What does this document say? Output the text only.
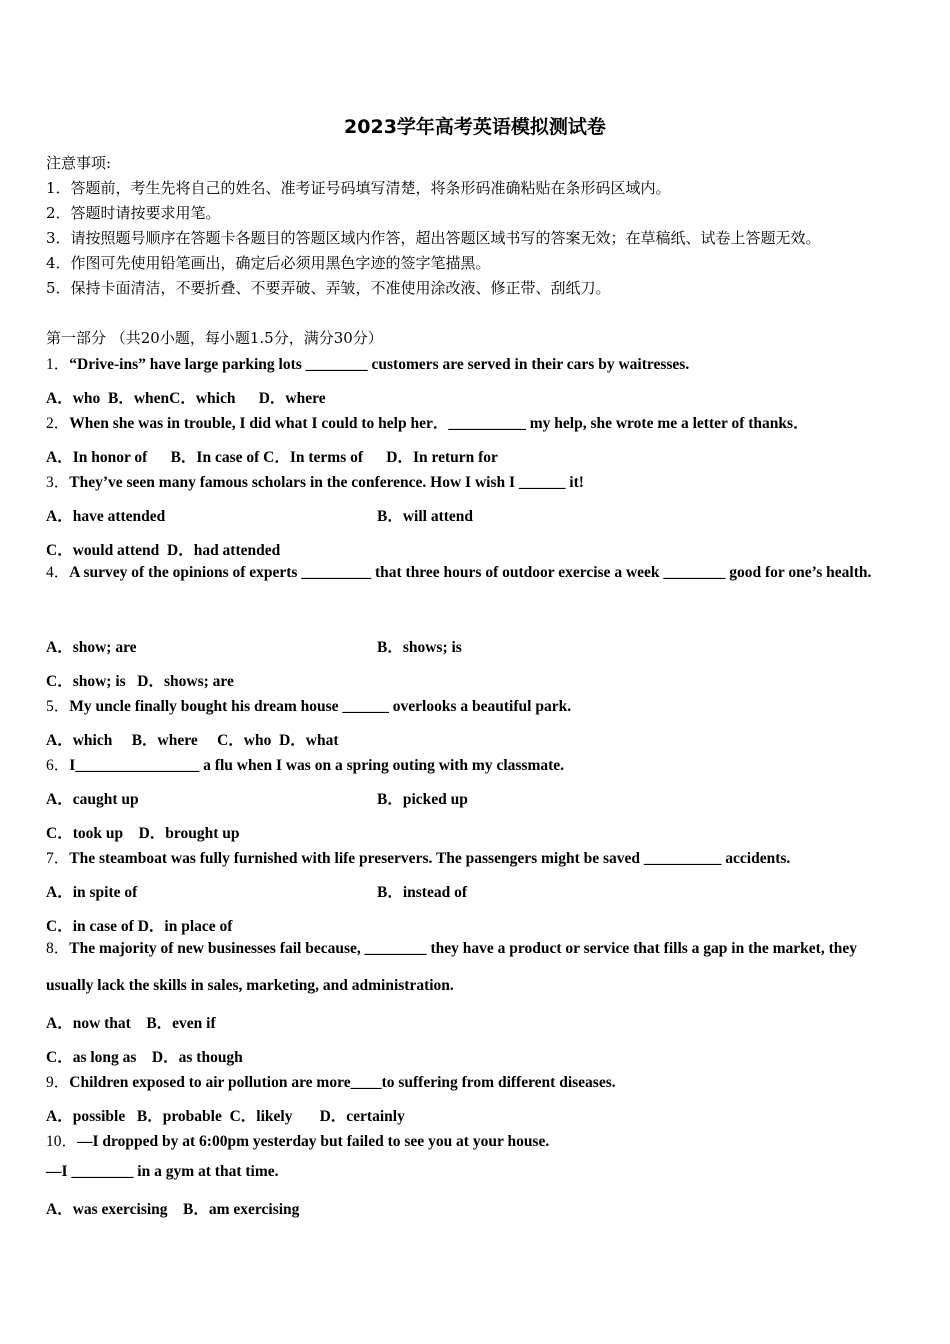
2023学年高考英语模拟测试卷
注意事项:
1．答题前，考生先将自己的姓名、准考证号码填写清楚，将条形码准确粘贴在条形码区域内。
2．答题时请按要求用笔。
3．请按照题号顺序在答题卡各题目的答题区域内作答，超出答题区域书写的答案无效；在草稿纸、试卷上答题无效。
4．作图可先使用铅笔画出，确定后必须用黑色字迹的签字笔描黑。
5．保持卡面清洁，不要折叠、不要弄破、弄皱，不准使用涂改液、修正带、刮纸刀。
第一部分 （共20小题，每小题1.5分，满分30分）
1．“Drive-ins” have large parking lots ________ customers are served in their cars by waitresses.
A．who  B．whenC．which      D．where
2．When she was in trouble, I did what I could to help her．__________ my help, she wrote me a letter of thanks．
A．In honor of      B．In case of C．In terms of      D．In return for
3．They’ve seen many famous scholars in the conference. How I wish I ______ it!
A．have attended	B．will attend
C．would attend  D．had attended
4．A survey of the opinions of experts _________ that three hours of outdoor exercise a week ________ good for one’s health.
A．show; are	B．shows; is
C．show; is   D．shows; are
5．My uncle finally bought his dream house ______ overlooks a beautiful park.
A．which     B．where     C．who  D．what
6．I________________ a flu when I was on a spring outing with my classmate.
A．caught up	B．picked up
C．took up    D．brought up
7．The steamboat was fully furnished with life preservers. The passengers might be saved __________ accidents.
A．in spite of	B．instead of
C．in case of D．in place of
8．The majority of new businesses fail because, ________ they have a product or service that fills a gap in the market, they usually lack the skills in sales, marketing, and administration.
A．now that    B．even if
C．as long as    D．as though
9．Children exposed to air pollution are more____to suffering from different diseases.
A．possible   B．probable  C．likely       D．certainly
10．—I dropped by at 6:00pm yesterday but failed to see you at your house.
—I ________ in a gym at that time.
A．was exercising    B．am exercising
